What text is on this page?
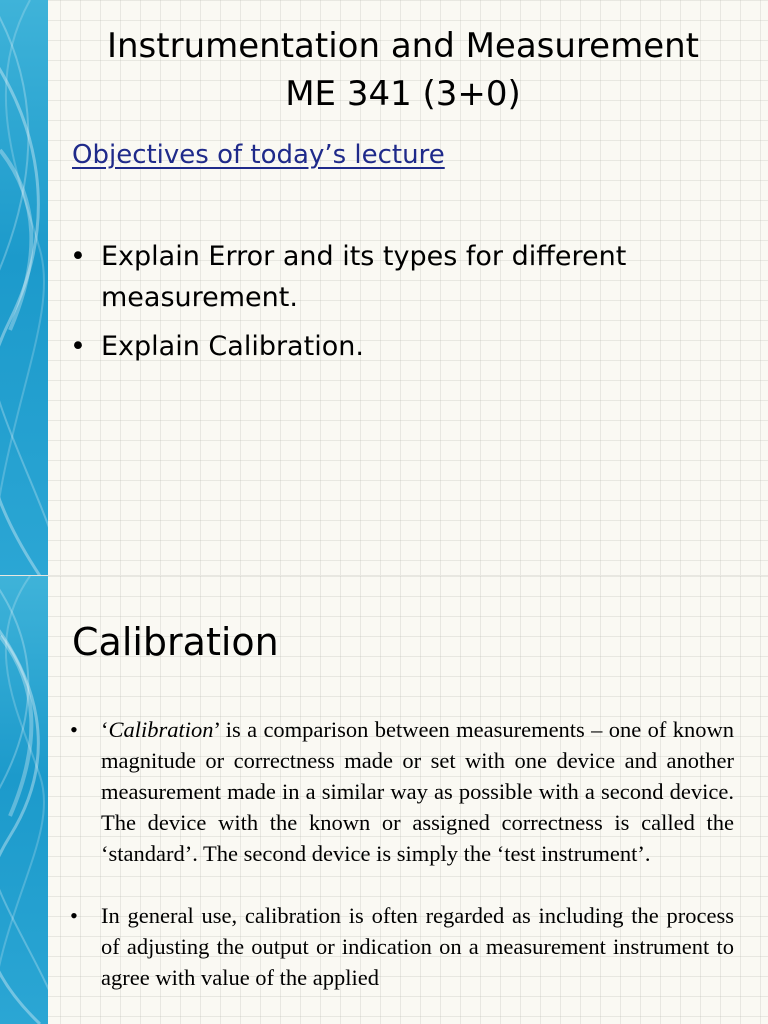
Instrumentation and Measurement
ME 341 (3+0)
Objectives of today’s lecture
• Explain Error and its types for different measurement.
• Explain Calibration.
Calibration
• ‘Calibration’ is a comparison between measurements – one of known magnitude or correctness made or set with one device and another measurement made in a similar way as possible with a second device. The device with the known or assigned correctness is called the ‘standard’. The second device is simply the ‘test instrument’.
• In general use, calibration is often regarded as including the process of adjusting the output or indication on a measurement instrument to agree with value of the applied
